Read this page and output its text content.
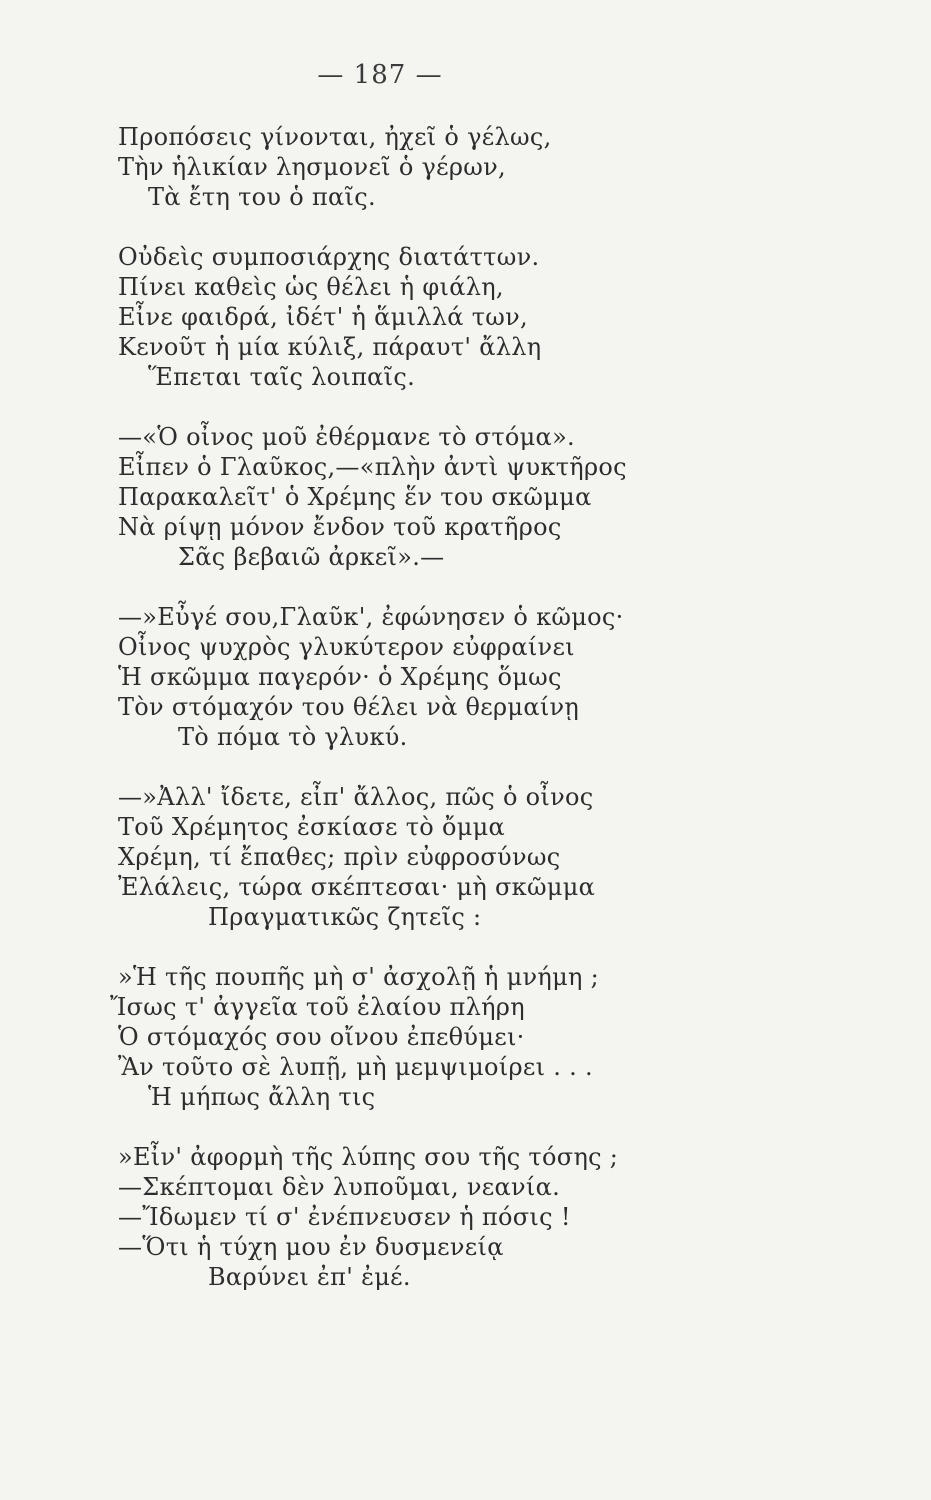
— 187 —
Προπόσεις γίνονται, ἠχεῖ ὁ γέλως,
Τὴν ἡλικίαν λησμονεῖ ὁ γέρων,
Τὰ ἔτη του ὁ παῖς.
Οὐδεὶς συμποσιάρχης διατάττων.
Πίνει καθεὶς ὡς θέλει ἡ φιάλη,
Εἶνε φαιδρά, ἰδέτ' ἡ ἅμιλλά των,
Κενοῦτ ἡ μία κύλιξ, πάραυτ' ἄλλη
Ἕπεται ταῖς λοιπαῖς.
—«Ὁ οἶνος μοῦ ἐθέρμανε τὸ στόμα».
Εἶπεν ὁ Γλαῦκος,—«πλὴν ἀντὶ ψυκτῆρος
Παρακαλεῖτ' ὁ Χρέμης ἕν του σκῶμμα
Νὰ ρίψῃ μόνον ἔνδον τοῦ κρατῆρος
Σᾶς βεβαιῶ ἀρκεῖ».—
—»Εὖγέ σου,Γλαῦκ', ἐφώνησεν ὁ κῶμος·
Οἶνος ψυχρὸς γλυκύτερον εὐφραίνει
Ἡ σκῶμμα παγερόν· ὁ Χρέμης ὅμως
Τὸν στόμαχόν του θέλει νὰ θερμαίνῃ
Τὸ πόμα τὸ γλυκύ.
—»Ἀλλ' ἴδετε, εἶπ' ἄλλος, πῶς ὁ οἶνος
Τοῦ Χρέμητος ἐσκίασε τὸ ὄμμα
Χρέμη, τί ἔπαθες; πρὶν εὐφροσύνως
Ἐλάλεις, τώρα σκέπτεσαι· μὴ σκῶμμα
Πραγματικῶς ζητεῖς :
»Ἡ τῆς πουπῆς μὴ σ' ἀσχολῇ ἡ μνήμη ;
Ἴσως τ' ἀγγεῖα τοῦ ἐλαίου πλήρη
Ὁ στόμαχός σου οἴνου ἐπεθύμει·
Ἂν τοῦτο σὲ λυπῇ, μὴ μεμψιμοίρει . . .
Ἡ μήπως ἄλλη τις
»Εἶν' ἀφορμὴ τῆς λύπης σου τῆς τόσης ;
—Σκέπτομαι δὲν λυποῦμαι, νεανία.
—Ἴδωμεν τί σ' ἐνέπνευσεν ἡ πόσις !
—Ὅτι ἡ τύχη μου ἐν δυσμενείᾳ
Βαρύνει ἐπ' ἐμέ.
